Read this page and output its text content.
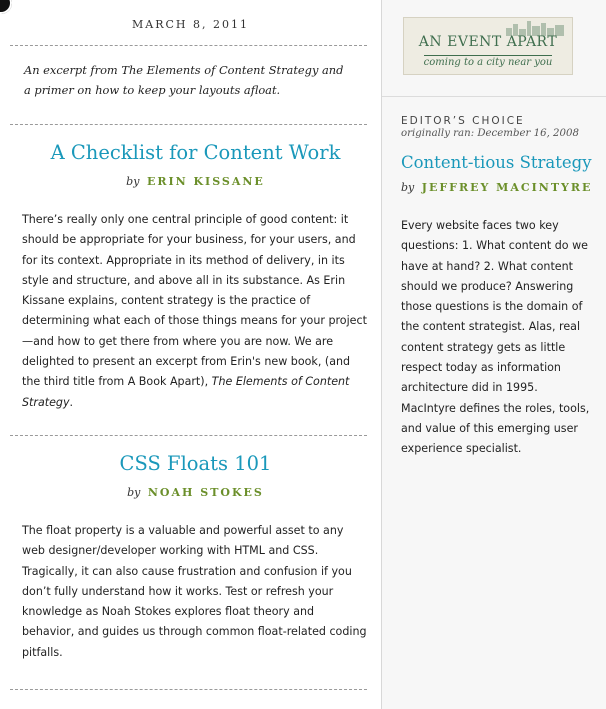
MARCH 8, 2011
An excerpt from The Elements of Content Strategy and a primer on how to keep your layouts afloat.
A Checklist for Content Work
by ERIN KISSANE
There’s really only one central principle of good content: it should be appropriate for your business, for your users, and for its context. Appropriate in its method of delivery, in its style and structure, and above all in its substance. As Erin Kissane explains, content strategy is the practice of determining what each of those things means for your project—and how to get there from where you are now. We are delighted to present an excerpt from Erin's new book, (and the third title from A Book Apart), The Elements of Content Strategy.
CSS Floats 101
by NOAH STOKES
The float property is a valuable and powerful asset to any web designer/developer working with HTML and CSS. Tragically, it can also cause frustration and confusion if you don’t fully understand how it works. Test or refresh your knowledge as Noah Stokes explores float theory and behavior, and guides us through common float-related coding pitfalls.
AN EVENT APART
coming to a city near you
EDITOR’S CHOICE
originally ran: December 16, 2008
Content-tious Strategy
by JEFFREY MACINTYRE
Every website faces two key questions: 1. What content do we have at hand? 2. What content should we produce? Answering those questions is the domain of the content strategist. Alas, real content strategy gets as little respect today as information architecture did in 1995. MacIntyre defines the roles, tools, and value of this emerging user experience specialist.
